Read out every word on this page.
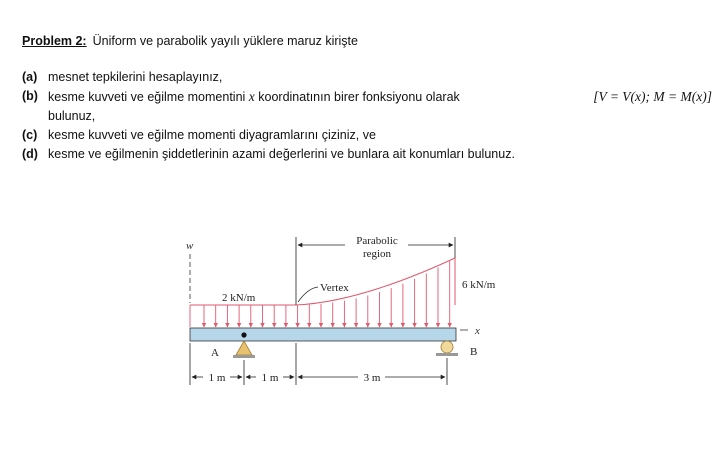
Problem 2: Üniform ve parabolik yayılı yüklere maruz kirişte
(a) mesnet tepkilerini hesaplayınız,
(b) kesme kuvveti ve eğilme momentini x koordinatının birer fonksiyonu olarak	[V = V(x); M = M(x)]
bulunuz,
(c) kesme kuvveti ve eğilme momenti diyagramlarını çiziniz, ve
(d) kesme ve eğilmenin şiddetlerinin azami değerlerini ve bunlara ait konumları bulunuz.
w	Parabolic
region
Vertex
2 kN/m
6 kN/m
x
A	B
1 m	1 m	3 m
